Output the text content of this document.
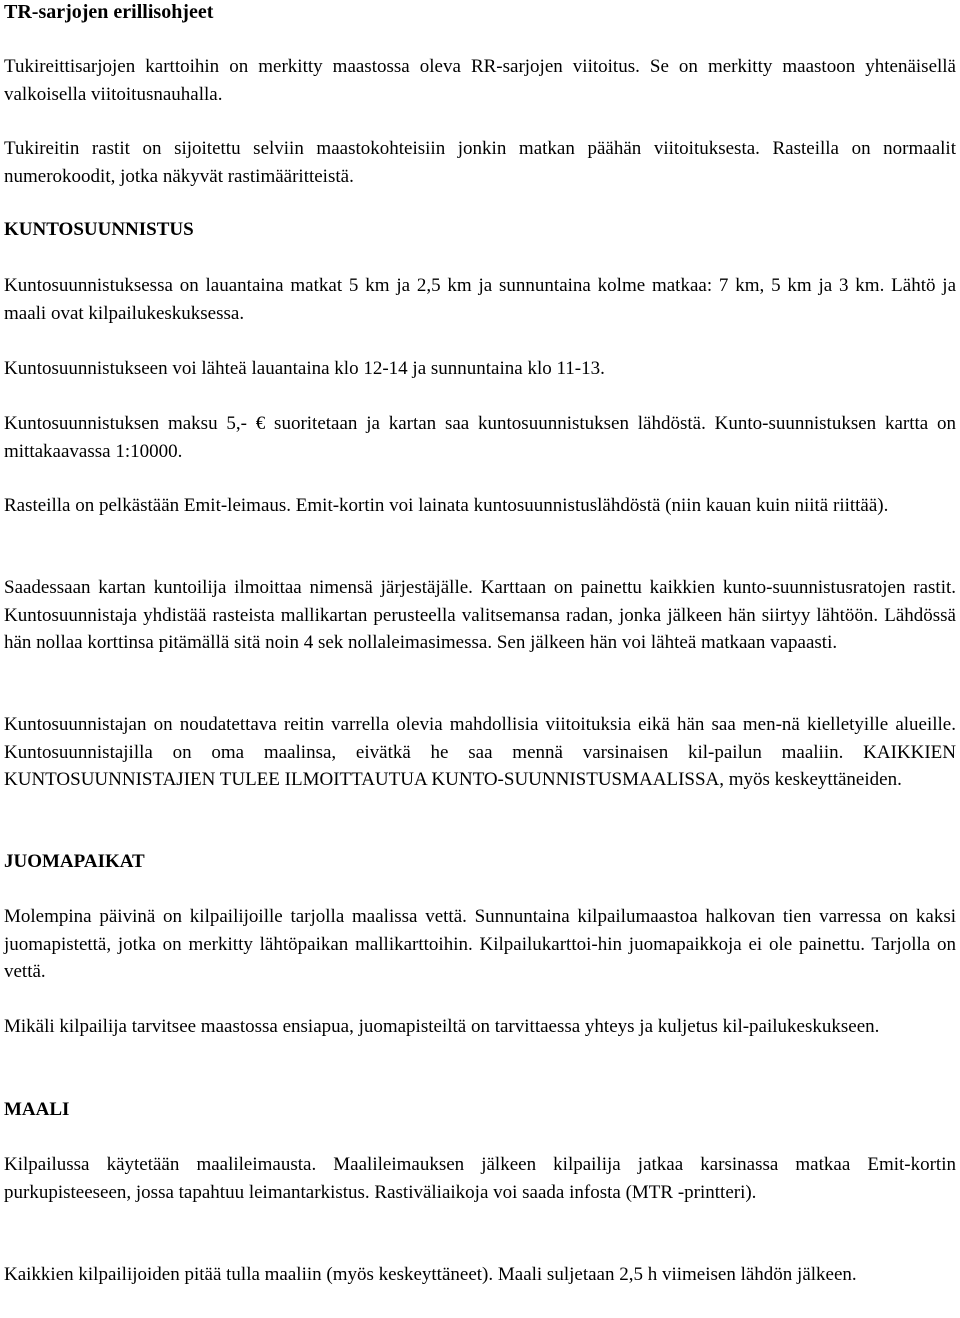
TR-sarjojen erillisohjeet

Tukireittisarjojen karttoihin on merkitty maastossa oleva RR-sarjojen viitoitus. Se on merkitty maastoon yhtenäisellä valkoisella viitoitusnauhalla.

Tukireitin rastit on sijoitettu selviin maastokohteisiin jonkin matkan päähän viitoituksesta. Rasteilla on normaalit numerokoodit, jotka näkyvät rastimääritteistä.

KUNTOSUUNNISTUS

Kuntosuunnistuksessa on lauantaina matkat 5 km ja 2,5 km ja sunnuntaina kolme matkaa: 7 km, 5 km ja 3 km. Lähtö ja maali ovat kilpailukeskuksessa.

Kuntosuunnistukseen voi lähteä lauantaina klo 12-14 ja sunnuntaina klo 11-13.

Kuntosuunnistuksen maksu 5,- € suoritetaan ja kartan saa kuntosuunnistuksen lähdöstä. Kunto-suunnistuksen kartta on mittakaavassa 1:10000.

Rasteilla on pelkästään Emit-leimaus. Emit-kortin voi lainata kuntosuunnistuslähdöstä (niin kauan kuin niitä riittää).

Saadessaan kartan kuntoilija ilmoittaa nimensä järjestäjälle. Karttaan on painettu kaikkien kunto-suunnistusratojen rastit. Kuntosuunnistaja yhdistää rasteista mallikartan perusteella valitsemansa radan, jonka jälkeen hän siirtyy lähtöön. Lähdössä hän nollaa korttinsa pitämällä sitä noin 4 sek nollaleimasimessa. Sen jälkeen hän voi lähteä matkaan vapaasti.

Kuntosuunnistajan on noudatettava reitin varrella olevia mahdollisia viitoituksia eikä hän saa men-nä kielletyille alueille. Kuntosuunnistajilla on oma maalinsa, eivätkä he saa mennä varsinaisen kil-pailun maaliin. KAIKKIEN KUNTOSUUNNISTAJIEN TULEE ILMOITTAUTUA KUNTO-SUUNNISTUSMAALISSA, myös keskeyttäneiden.

JUOMAPAIKAT

Molempina päivinä on kilpailijoille tarjolla maalissa vettä. Sunnuntaina kilpailumaastoa halkovan tien varressa on kaksi juomapistettä, jotka on merkitty lähtöpaikan mallikarttoihin. Kilpailukarttoi-hin juomapaikkoja ei ole painettu. Tarjolla on vettä.

Mikäli kilpailija tarvitsee maastossa ensiapua, juomapisteiltä on tarvittaessa yhteys ja kuljetus kil-pailukeskukseen.

MAALI

Kilpailussa käytetään maalileimausta. Maalileimauksen jälkeen kilpailija jatkaa karsinassa matkaa Emit-kortin purkupisteeseen, jossa tapahtuu leimantarkistus. Rastiväliaikoja voi saada infosta (MTR -printteri).

Kaikkien kilpailijoiden pitää tulla maaliin (myös keskeyttäneet). Maali suljetaan 2,5 h viimeisen lähdön jälkeen.
